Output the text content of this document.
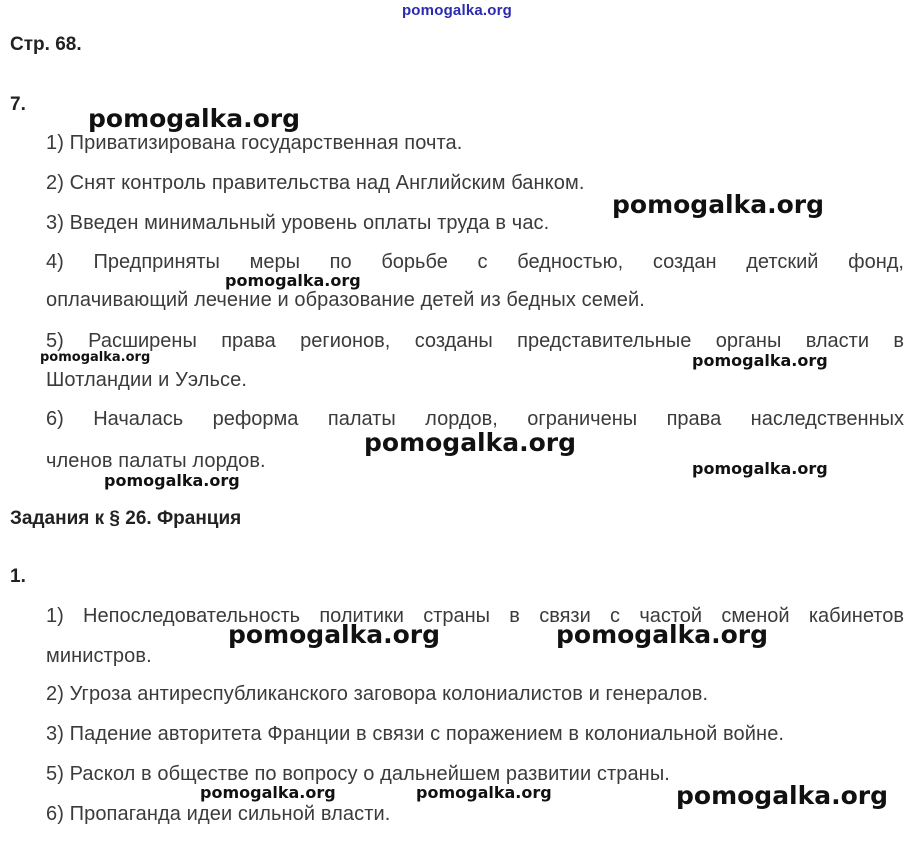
pomogalka.org
Стр. 68.
7.
1) Приватизирована государственная почта.
2) Снят контроль правительства над Английским банком.
3) Введен минимальный уровень оплаты труда в час.
4) Предприняты меры по борьбе с бедностью, создан детский фонд,
оплачивающий лечение и образование детей из бедных семей.
5) Расширены права регионов, созданы представительные органы власти в
Шотландии и Уэльсе.
6) Началась реформа палаты лордов, ограничены права наследственных
членов палаты лордов.
Задания к § 26. Франция
1.
1) Непоследовательность политики страны в связи с частой сменой кабинетов
министров.
2) Угроза антиреспубликанского заговора колониалистов и генералов.
3) Падение авторитета Франции в связи с поражением в колониальной войне.
5) Раскол в обществе по вопросу о дальнейшем развитии страны.
6) Пропаганда идеи сильной власти.
pomogalka.org
pomogalka.org
pomogalka.org
pomogalka.org	pomogalka.org
pomogalka.org
pomogalka.org
pomogalka.org
pomogalka.org	pomogalka.org
pomogalka.org	pomogalka.org	pomogalka.org
